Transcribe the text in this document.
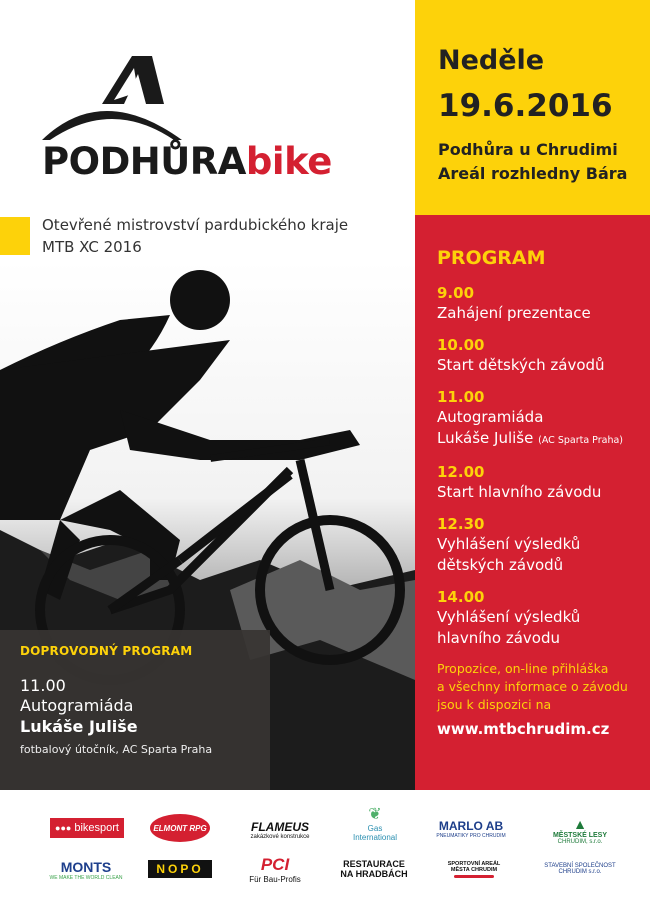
PODHŮRAbike
Otevřené mistrovství pardubického kraje
MTB XC 2016
DOPROVODNÝ PROGRAM
11.00
Autogramiáda
Lukáše Juliše
fotbalový útočník, AC Sparta Praha
Neděle
19.6.2016
Podhůra u Chrudimi
Areál rozhledny Bára
PROGRAM
9.00
Zahájení prezentace
10.00
Start dětských závodů
11.00
Autogramiáda
Lukáše Juliše (AC Sparta Praha)
12.00
Start hlavního závodu
12.30
Vyhlášení výsledků
dětských závodů
14.00
Vyhlášení výsledků
hlavního závodu
Propozice, on-line přihláška
a všechny informace o závodu
jsou k dispozici na
www.mtbchrudim.cz
●●● bikesport	ELMONT RPG	FLAMEUS
zakázkové konstrukce
❦
Gas
International
MARLO AB
PNEUMATIKY PRO CHRUDIM
▲
MĚSTSKÉ LESY
CHRUDIM, s.r.o.
MONTS
WE MAKE THE WORLD CLEAN
NOPO	PCI
Für Bau-Profis
RESTAURACE
NA HRADBÁCH
SPORTOVNÍ AREÁL
MĚSTA CHRUDIM
STAVEBNÍ SPOLEČNOST
CHRUDIM s.r.o.
